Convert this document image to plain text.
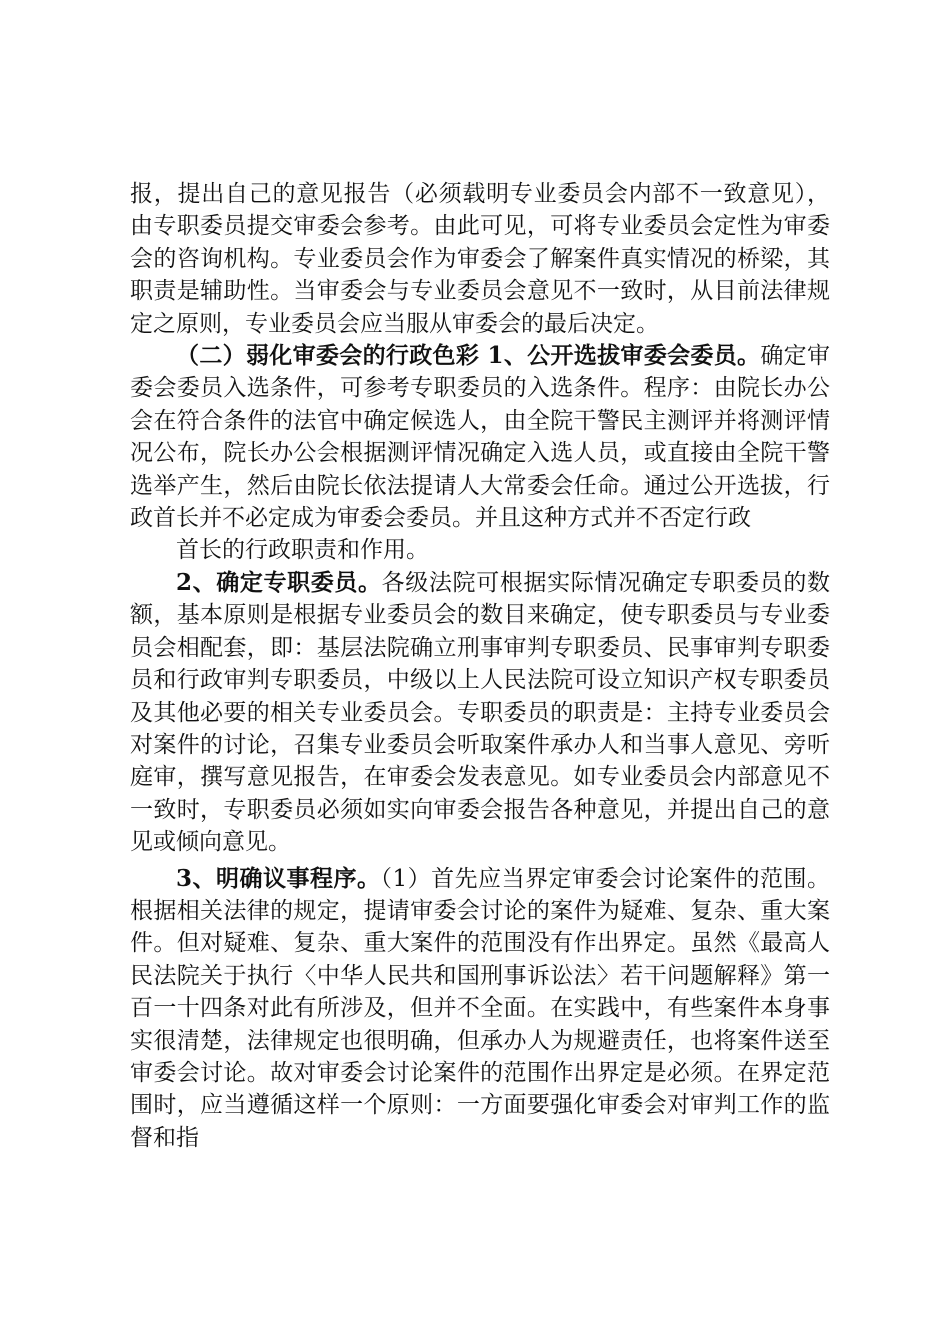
报，提出自己的意见报告（必须载明专业委员会内部不一致意见），由专职委员提交审委会参考。由此可见，可将专业委员会定性为审委会的咨询机构。专业委员会作为审委会了解案件真实情况的桥梁，其职责是辅助性。当审委会与专业委员会意见不一致时，从目前法律规定之原则，专业委员会应当服从审委会的最后决定。

（二）弱化审委会的行政色彩 1、公开选拔审委会委员。确定审委会委员入选条件，可参考专职委员的入选条件。程序：由院长办公会在符合条件的法官中确定候选人，由全院干警民主测评并将测评情况公布，院长办公会根据测评情况确定入选人员，或直接由全院干警选举产生，然后由院长依法提请人大常委会任命。通过公开选拔，行政首长并不必定成为审委会委员。并且这种方式并不否定行政

首长的行政职责和作用。

2、确定专职委员。各级法院可根据实际情况确定专职委员的数额，基本原则是根据专业委员会的数目来确定，使专职委员与专业委员会相配套，即：基层法院确立刑事审判专职委员、民事审判专职委员和行政审判专职委员，中级以上人民法院可设立知识产权专职委员及其他必要的相关专业委员会。专职委员的职责是：主持专业委员会对案件的讨论，召集专业委员会听取案件承办人和当事人意见、旁听庭审，撰写意见报告，在审委会发表意见。如专业委员会内部意见不一致时，专职委员必须如实向审委会报告各种意见，并提出自己的意见或倾向意见。

3、明确议事程序。（1）首先应当界定审委会讨论案件的范围。根据相关法律的规定，提请审委会讨论的案件为疑难、复杂、重大案件。但对疑难、复杂、重大案件的范围没有作出界定。虽然《最高人民法院关于执行〈中华人民共和国刑事诉讼法〉若干问题解释》第一百一十四条对此有所涉及，但并不全面。在实践中，有些案件本身事实很清楚，法律规定也很明确，但承办人为规避责任，也将案件送至审委会讨论。故对审委会讨论案件的范围作出界定是必须。在界定范围时，应当遵循这样一个原则：一方面要强化审委会对审判工作的监督和指
